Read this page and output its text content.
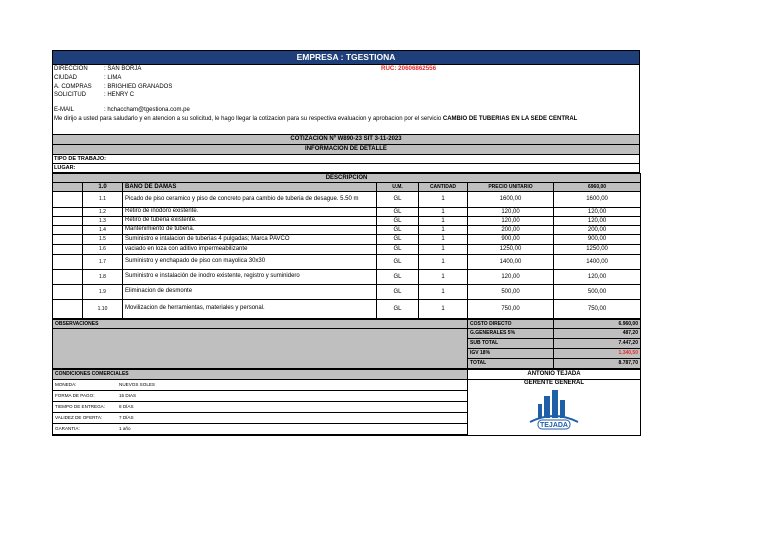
EMPRESA : TGESTIONA
RUC: 20606862556
DIRECCION	: SAN BORJA
CIUDAD	: LIMA
A. COMPRAS : BRIGHIED GRANADOS
SOLICITUD	: HENRY C
E-MAIL	: hchaccham@tgestiona.com.pe
Me dirijo a usted para saludarlo y en atencion a su solicitud, le hago llegar la cotizacion para su respectiva evaluacion y aprobacion por el servicio CAMBIO DE TUBERIAS EN LA SEDE CENTRAL
COTIZACIÓN Nº W890-23 SIT 3-11-2023
INFORMACION DE DETALLE
TIPO DE TRABAJO:
LUGAR:
DESCRIPCIÓN						
	1.0	BAÑO DE DAMAS	U.M.	CANTIDAD	PRECIO UNITARIO	6960,00
	1.1	Picado de piso ceramico y piso de concreto para cambio de tuberia de desague. 5.50 m	GL	1	1600,00	1600,00
	1.2	Retiro de inodoro existente.	GL	1	120,00	120,00
	1.3	Retiro de tuberia existente.	GL	1	120,00	120,00
	1.4	Mantenimiento de tuberia.	GL	1	200,00	200,00
	1.5	Suministro e intalacion de tuberias 4 pulgadas; Marca PAVCO	GL	1	900,00	900,00
	1.6	vaciado en loza con aditivo impermeabilizante	GL	1	1250,00	1250,00
	1.7	Suministro y enchapado de piso con mayolica 30x30	GL	1	1400,00	1400,00
	1.8	Suministro e instalación de inodro existente, registro y suminidero	GL	1	120,00	120,00
	1.9	Eliminacion de desmonte	GL	1	500,00	500,00
	1.10	Movilizacion de herramientas, materiales y personal.	GL	1	750,00	750,00
OBSERVACIONES	COSTO DIRECTO	6.960,00
	G.GENERALES 5%	487,20
	SUB TOTAL	7.447,20
	IGV 18%	1.340,50
	TOTAL	8.787,70
CONDICIONES COMERCIALES	ANTONIO TEJADA

MONEDA:	NUEVOS SOLES
FORMA DE PAGO:	15 DIAS
TIEMPO DE ENTREGA:	8 DÍAS
VALIDEZ DE OFERTA:	7 DÍAS
GARANTIA:	1 año

GERENTE GENERAL
TEJADA
